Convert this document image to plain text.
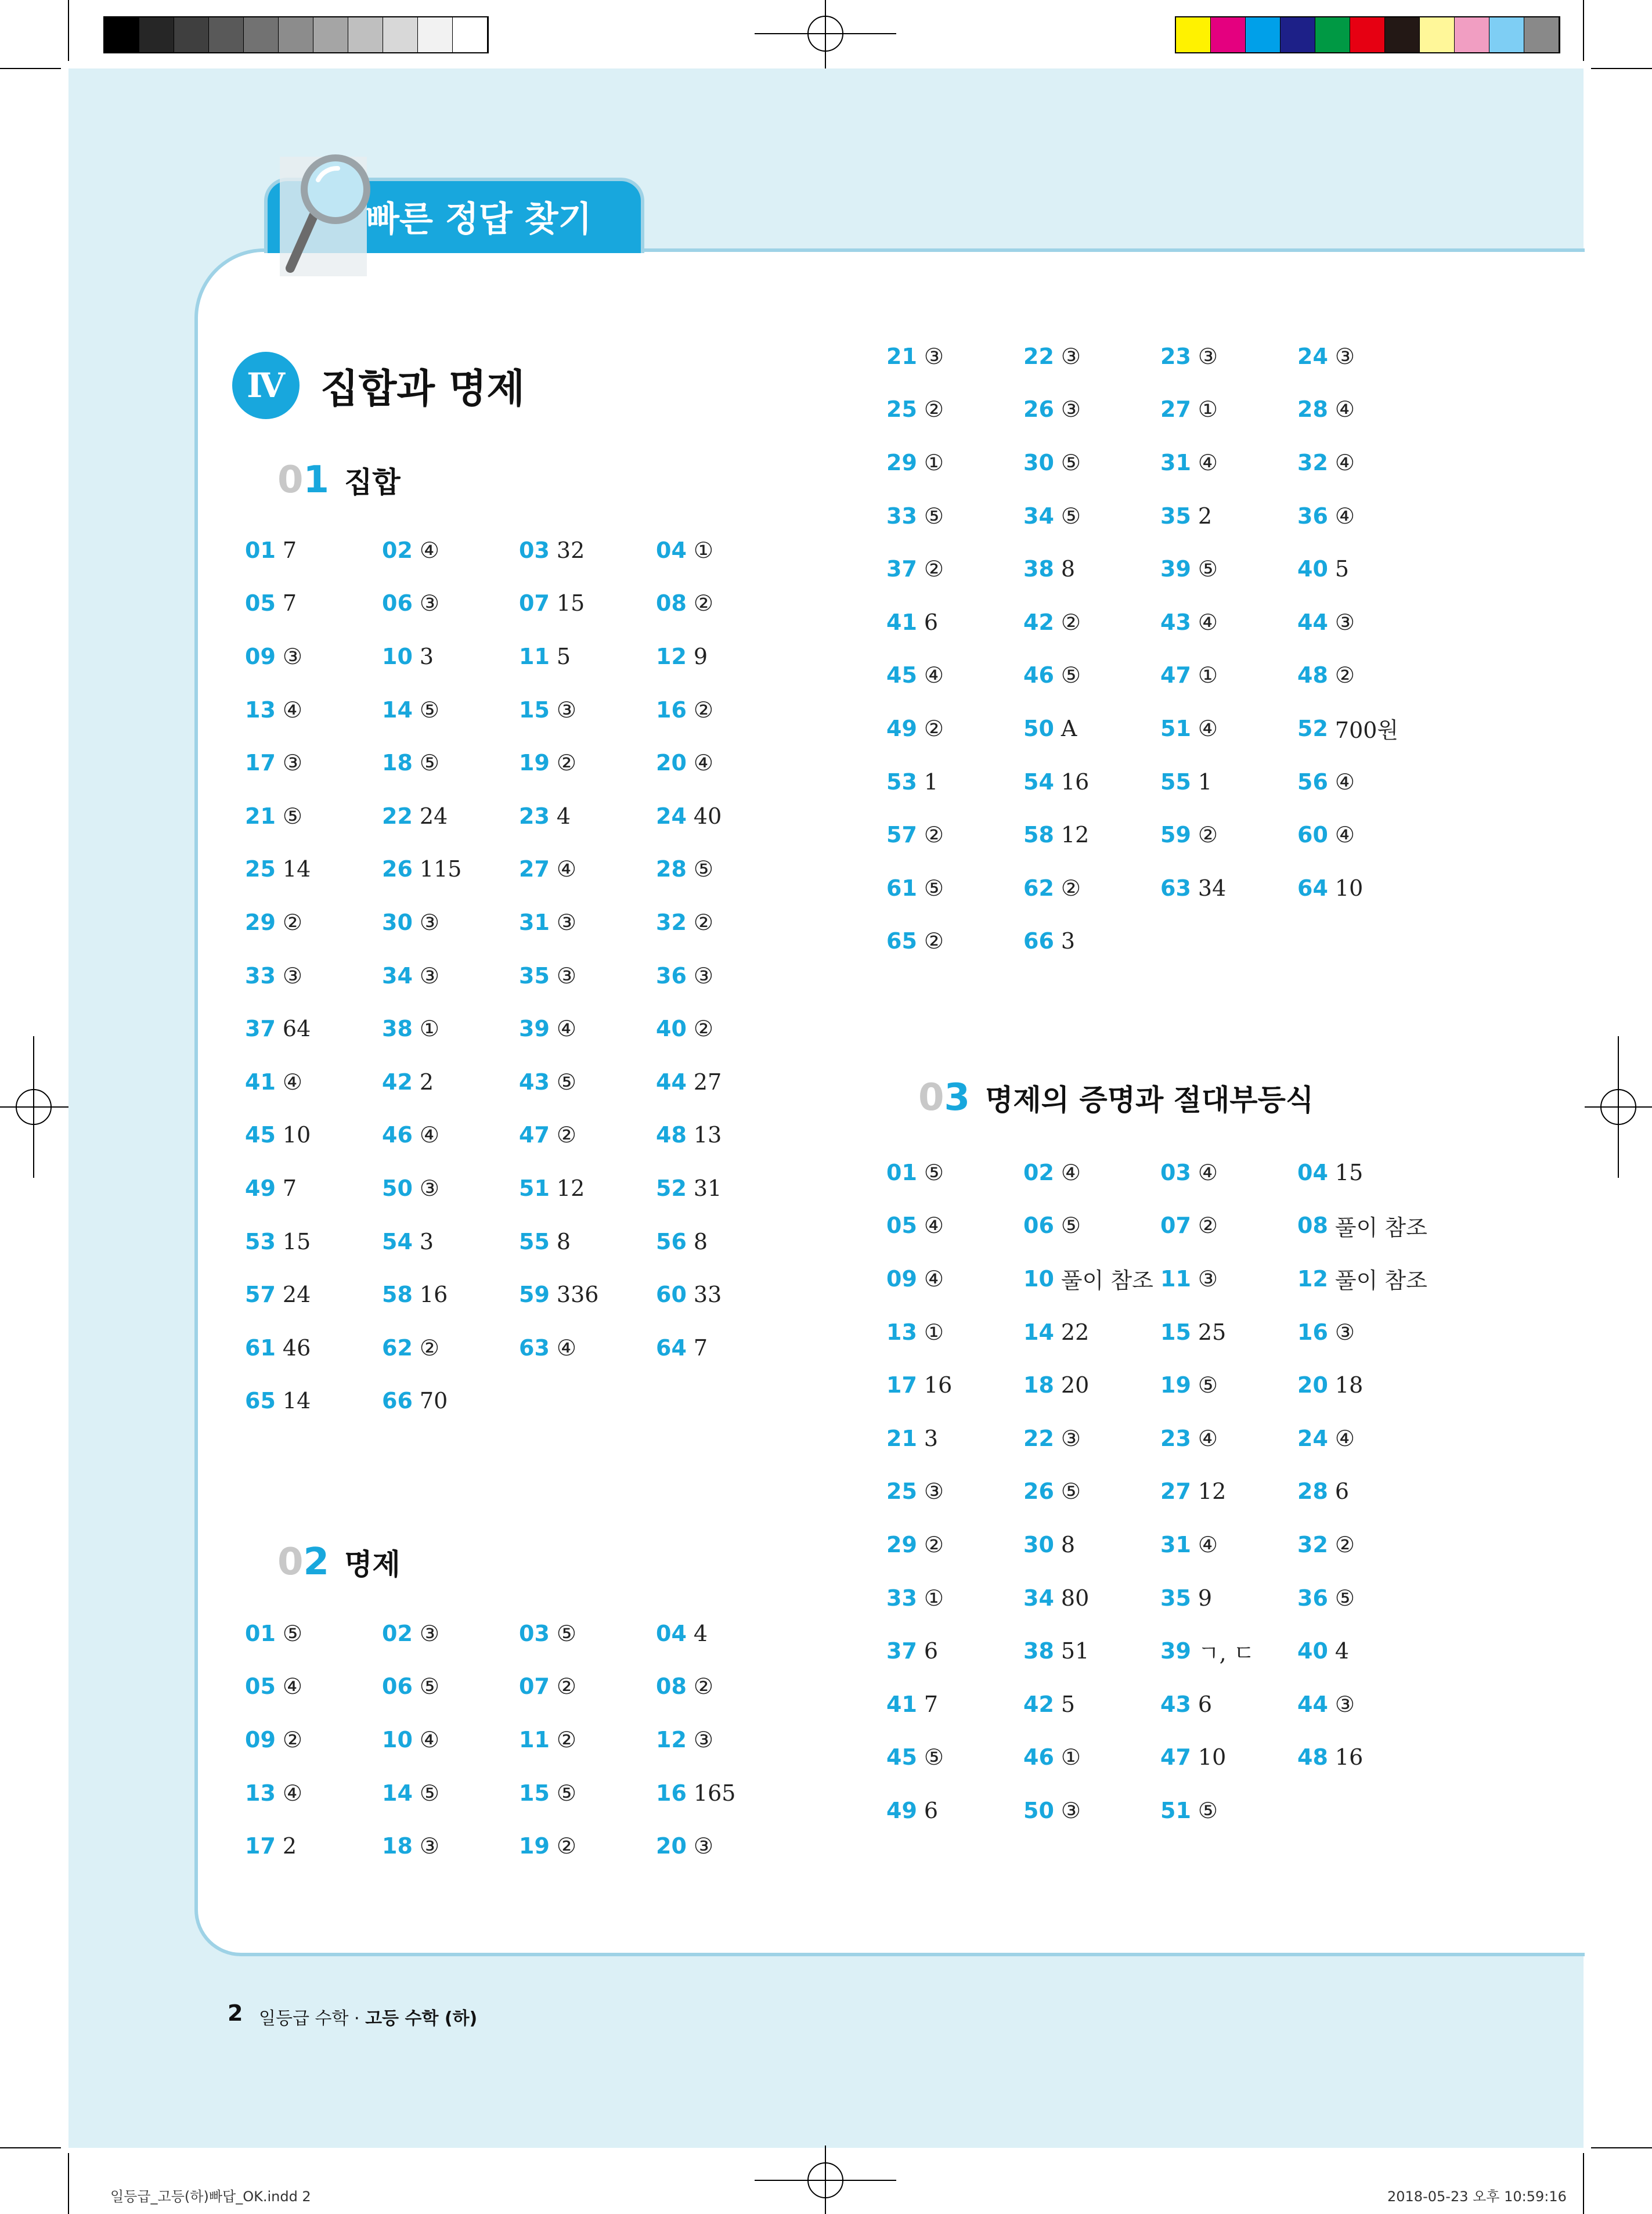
빠른 정답 찾기
Ⅳ 집합과 명제
0 1 집합
01 7	02 ④	03 32	04 ①
05 7	06 ③	07 15	08 ②
09 ③	10 3	11 5	12 9
13 ④	14 ⑤	15 ③	16 ②
17 ③	18 ⑤	19 ②	20 ④
21 ⑤	22 24	23 4	24 40
25 14	26 115	27 ④	28 ⑤
29 ②	30 ③	31 ③	32 ②
33 ③	34 ③	35 ③	36 ③
37 64	38 ①	39 ④	40 ②
41 ④	42 2	43 ⑤	44 27
45 10	46 ④	47 ②	48 13
49 7	50 ③	51 12	52 31
53 15	54 3	55 8	56 8
57 24	58 16	59 336	60 33
61 46	62 ②	63 ④	64 7
65 14	66 70
0 2 명제
01 ⑤	02 ③	03 ⑤	04 4
05 ④	06 ⑤	07 ②	08 ②
09 ②	10 ④	11 ②	12 ③
13 ④	14 ⑤	15 ⑤	16 165
17 2	18 ③	19 ②	20 ③
21 ③	22 ③	23 ③	24 ③
25 ②	26 ③	27 ①	28 ④
29 ①	30 ⑤	31 ④	32 ④
33 ⑤	34 ⑤	35 2	36 ④
37 ②	38 8	39 ⑤	40 5
41 6	42 ②	43 ④	44 ③
45 ④	46 ⑤	47 ①	48 ②
49 ②	50 A	51 ④	52 700원
53 1	54 16	55 1	56 ④
57 ②	58 12	59 ②	60 ④
61 ⑤	62 ②	63 34	64 10
65 ②	66 3
0 3 명제의 증명과 절대부등식
01 ⑤	02 ④	03 ④	04 15
05 ④	06 ⑤	07 ②	08 풀이 참조
09 ④	10 풀이 참조 11 ③	12 풀이 참조
13 ①	14 22	15 25	16 ③
17 16	18 20	19 ⑤	20 18
21 3	22 ③	23 ④	24 ④
25 ③	26 ⑤	27 12	28 6
29 ②	30 8	31 ④	32 ②
33 ①	34 80	35 9	36 ⑤
37 6	38 51	39 ㄱ, ㄷ 40 4
41 7	42 5	43 6	44 ③
45 ⑤	46 ①	47 10	48 16
49 6	50 ③	51 ⑤
2 일등급 수학 · 고등 수학 (하)
일등급_고등(하)빠답_OK.indd 2	2018-05-23 오후 10:59:16
